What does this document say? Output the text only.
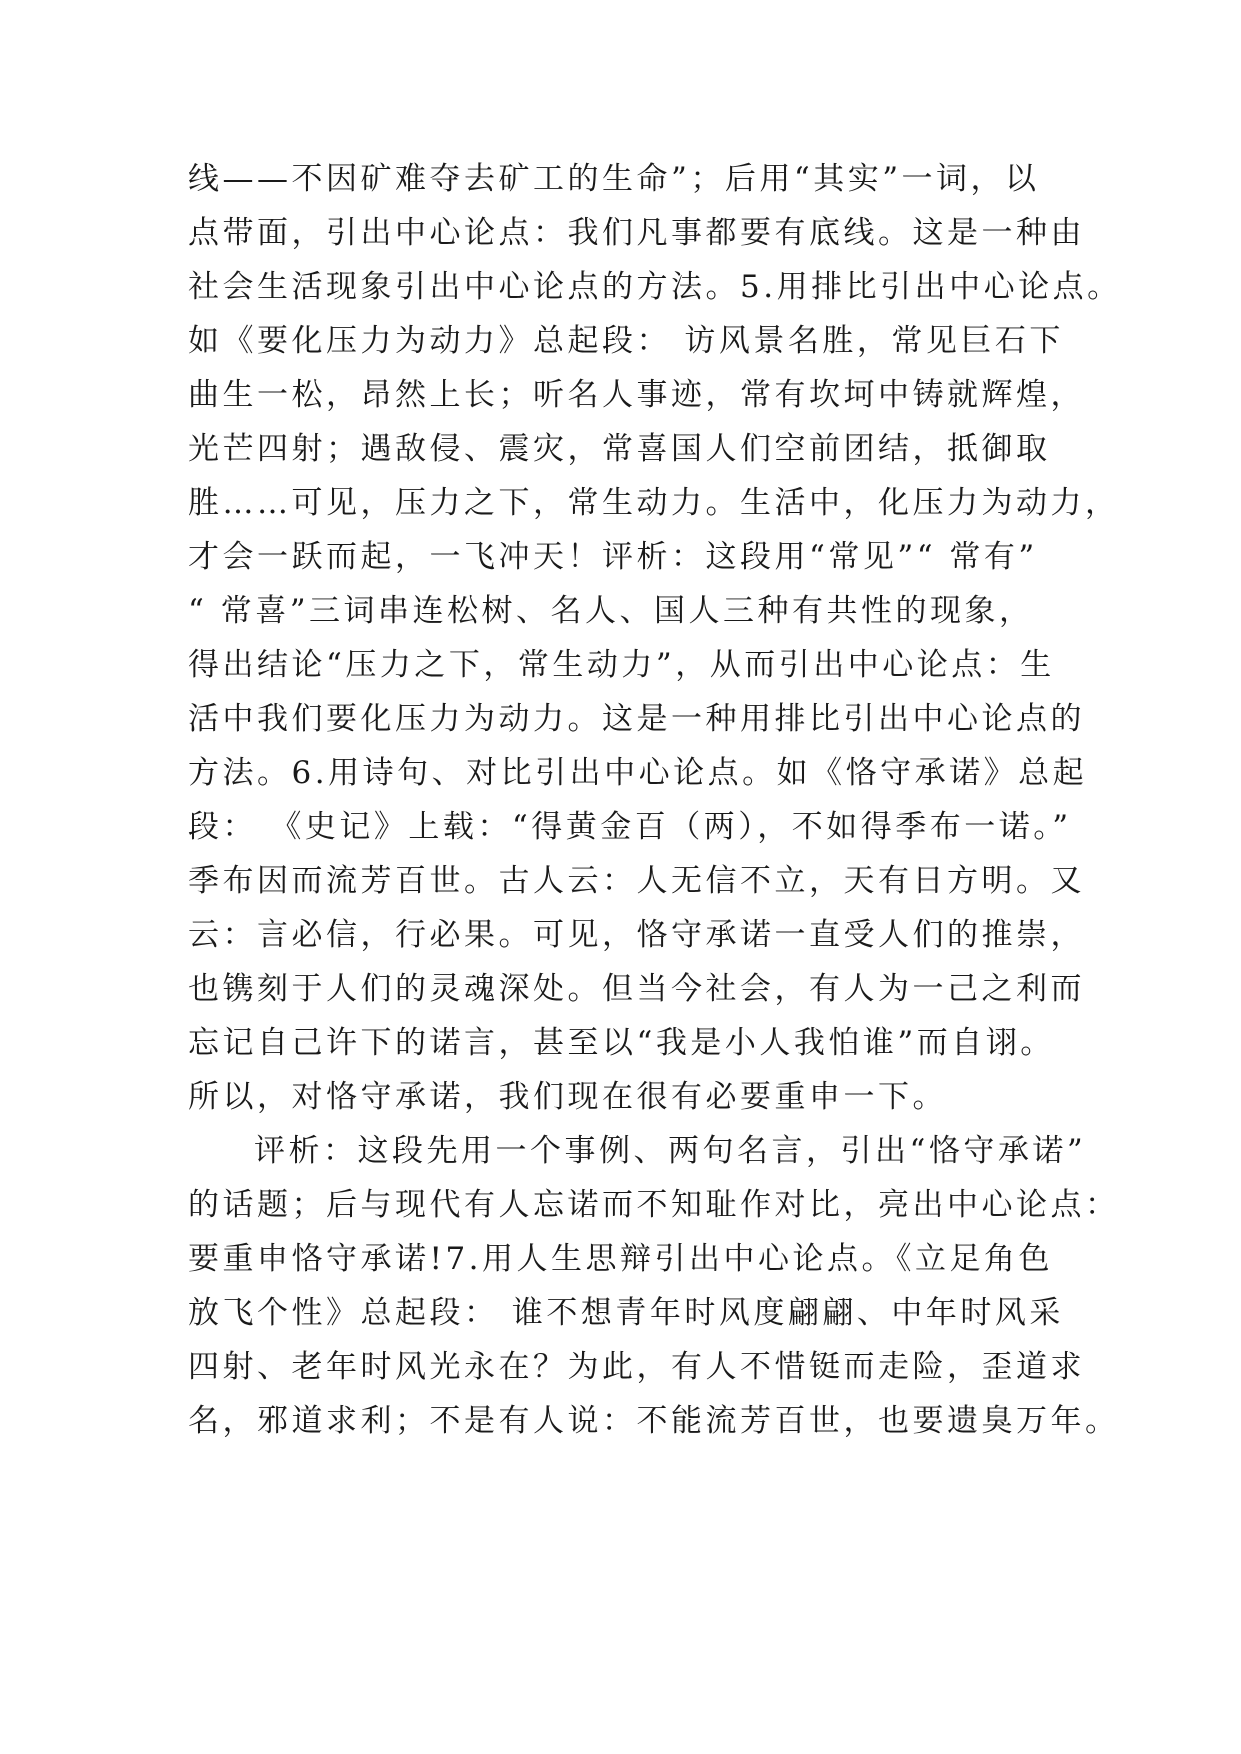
线——不因矿难夺去矿工的生命”；后用“其实”一词，以
点带面，引出中心论点：我们凡事都要有底线。这是一种由
社会生活现象引出中心论点的方法。5.用排比引出中心论点。
如《要化压力为动力》总起段： 访风景名胜，常见巨石下
曲生一松，昂然上长；听名人事迹，常有坎坷中铸就辉煌，
光芒四射；遇敌侵、震灾，常喜国人们空前团结，抵御取
胜……可见，压力之下，常生动力。生活中，化压力为动力，
才会一跃而起，一飞冲天！评析：这段用“常见”“ 常有”
“ 常喜”三词串连松树、名人、国人三种有共性的现象，
得出结论“压力之下，常生动力”，从而引出中心论点：生
活中我们要化压力为动力。这是一种用排比引出中心论点的
方法。6.用诗句、对比引出中心论点。如《恪守承诺》总起
段： 《史记》上载：“得黄金百（两），不如得季布一诺。”
季布因而流芳百世。古人云：人无信不立，天有日方明。又
云：言必信，行必果。可见，恪守承诺一直受人们的推崇，
也镌刻于人们的灵魂深处。但当今社会，有人为一己之利而
忘记自己许下的诺言，甚至以“我是小人我怕谁”而自诩。
所以，对恪守承诺，我们现在很有必要重申一下。
评析：这段先用一个事例、两句名言，引出“恪守承诺”
的话题；后与现代有人忘诺而不知耻作对比，亮出中心论点：
要重申恪守承诺!7.用人生思辩引出中心论点。《立足角色
放飞个性》总起段： 谁不想青年时风度翩翩、中年时风采
四射、老年时风光永在？为此，有人不惜铤而走险，歪道求
名，邪道求利；不是有人说：不能流芳百世，也要遗臭万年。
